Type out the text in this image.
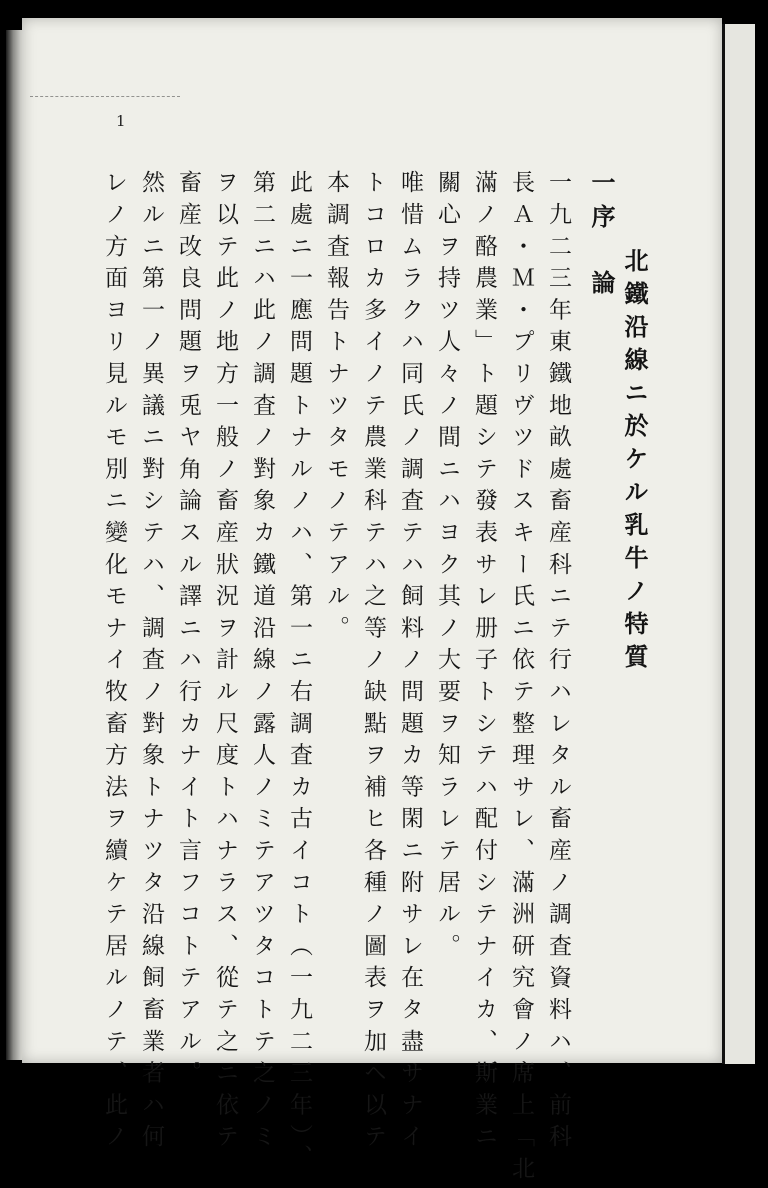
1
北鐵沿線ニ於ケル乳牛ノ特質
一
序論
一九二三年東鐵地畝處畜産科ニテ行ハレタル畜産ノ調査資料ハ、前科
長Ａ・Ｍ・プリヴツドスキー氏ニ依テ整理サレ、滿洲研究會ノ席上「北
滿ノ酪農業」ト題シテ發表サレ册子トシテハ配付シテナイカ、斯業ニ
關心ヲ持ツ人々ノ間ニハヨク其ノ大要ヲ知ラレテ居ル。
唯惜ムラクハ同氏ノ調査テハ飼料ノ問題カ等閑ニ附サレ在タ盡サナイ
トコロカ多イノテ農業科テハ之等ノ缺點ヲ補ヒ各種ノ圖表ヲ加ヘ以テ
本調査報告トナツタモノテアル。
此處ニ一應問題トナルノハ、第一ニ右調査カ古イコト（一九二三年）、
第二ニハ此ノ調査ノ對象カ鐵道沿線ノ露人ノミテアツタコトテ之ノミ
ヲ以テ此ノ地方一般ノ畜産狀況ヲ計ル尺度トハナラス、從テ之ニ依テ
畜産改良問題ヲ兎ヤ角論スル譯ニハ行カナイト言フコトテアル。
然ルニ第一ノ異議ニ對シテハ、調査ノ對象トナツタ沿線飼畜業者ハ何
レノ方面ヨリ見ルモ別ニ變化モナイ牧畜方法ヲ續ケテ居ルノテ、此ノ
